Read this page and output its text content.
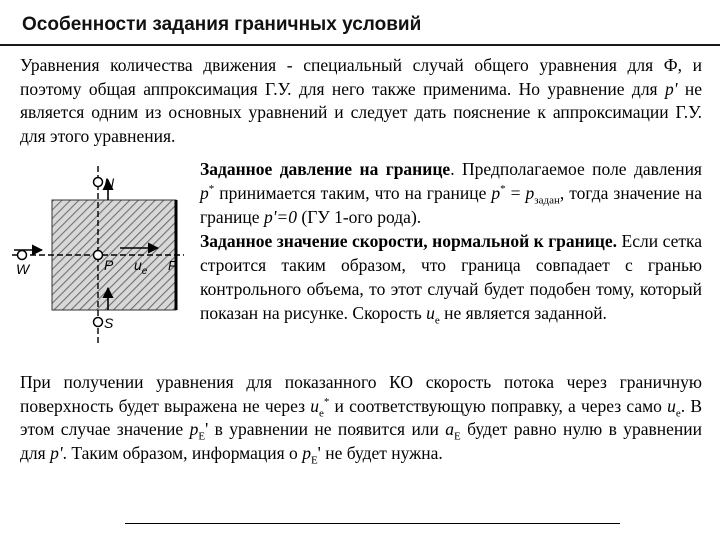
Особенности задания граничных условий
Уравнения количества движения - специальный случай общего уравнения для Ф, и поэтому общая аппроксимация Г.У. для него также применима. Но уравнение для p' не является одним из основных уравнений и следует дать пояснение к аппроксимации Г.У. для этого уравнения.
N
S
W	P	F
$u_e$
Заданное давление на границе. Предполагаемое поле давления p* принимается таким, что на границе $p^* = p_{задан}$, тогда значение на границе p'=0 (ГУ 1-ого рода).
Заданное значение скорости, нормальной к границе. Если сетка строится таким образом, что граница совпадает с гранью контрольного объема, то этот случай будет подобен тому, который показан на рисунке. Скорость $u_e$ не является заданной.
При получении уравнения для показанного КО скорость потока через граничную поверхность будет выражена не через $u_e^*$ и соответствующую поправку, а через само $u_e$. В этом случае значение $p_E'$ в уравнении не появится или $a_E$ будет равно нулю в уравнении для p'. Таким образом, информация о $p_E'$ не будет нужна.
